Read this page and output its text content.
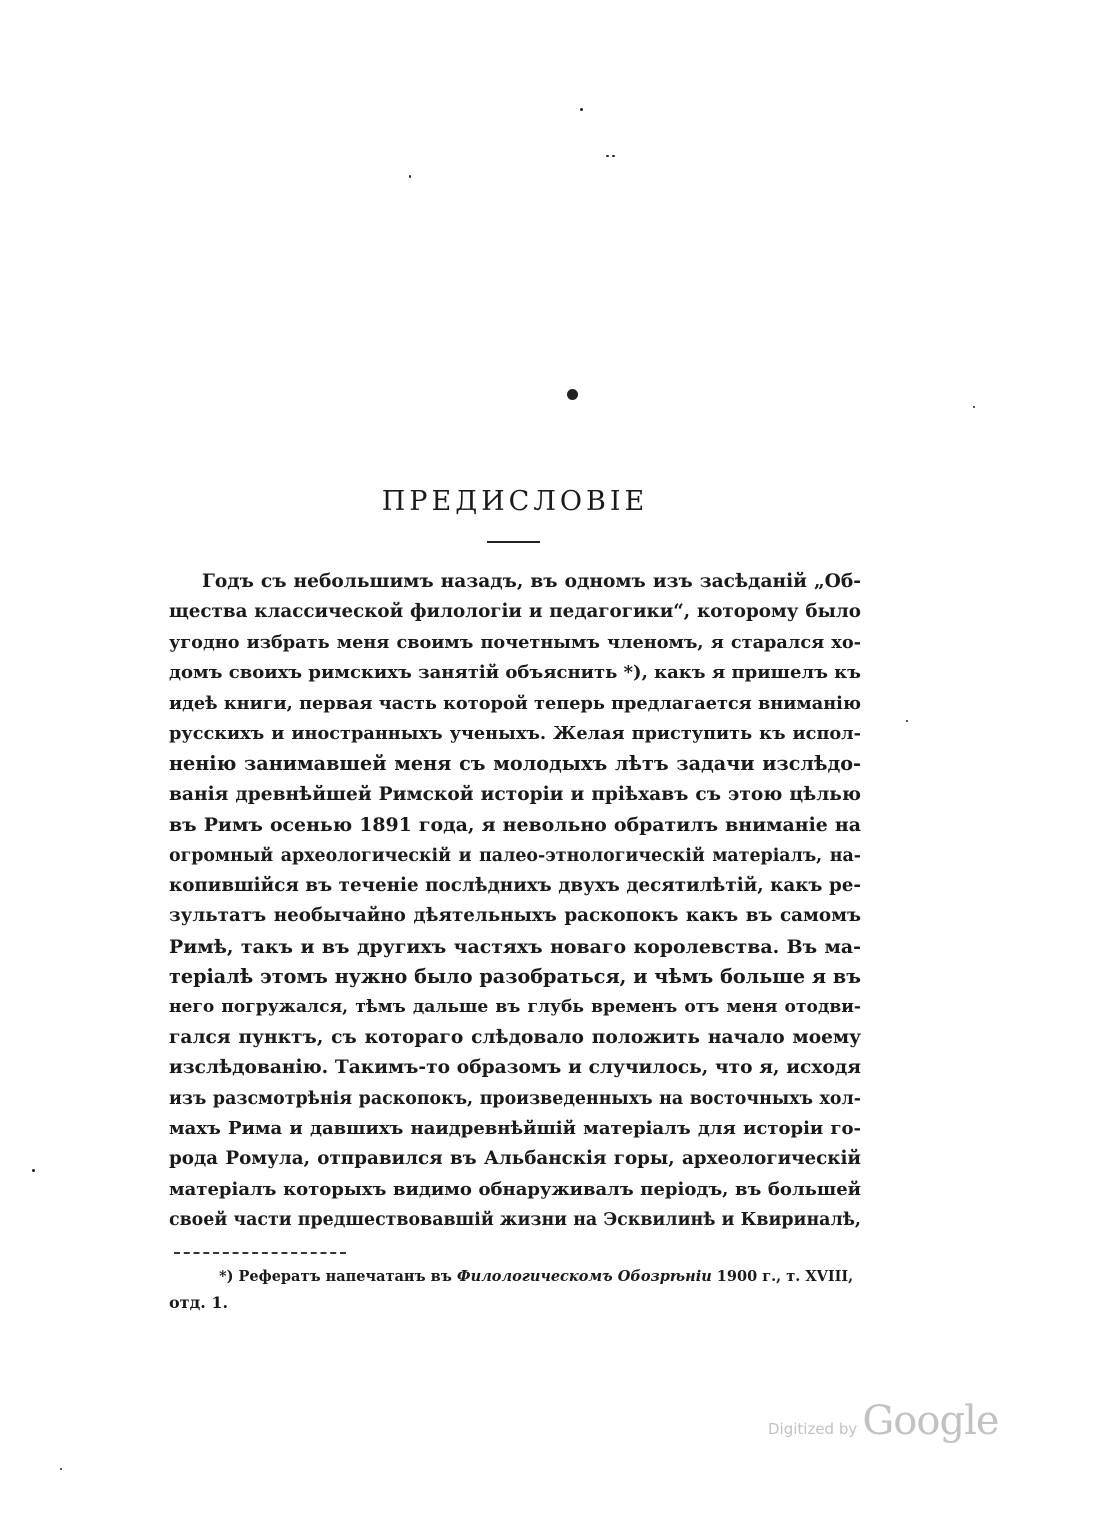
ПРЕДИСЛОВІЕ
Годъ съ небольшимъ назадъ, въ одномъ изъ засѣданій „Об-
щества классической филологіи и педагогики“, которому было
угодно избрать меня своимъ почетнымъ членомъ, я старался хо-
домъ своихъ римскихъ занятій объяснить *), какъ я пришелъ къ
идеѣ книги, первая часть которой теперь предлагается вниманію
русскихъ и иностранныхъ ученыхъ. Желая приступить къ испол-
ненію занимавшей меня съ молодыхъ лѣтъ задачи изслѣдо-
ванія древнѣйшей Римской исторіи и пріѣхавъ съ этою цѣлью
въ Римъ осенью 1891 года, я невольно обратилъ вниманіе на
огромный археологическій и палео-этнологическій матеріалъ, на-
копившійся въ теченіе послѣднихъ двухъ десятилѣтій, какъ ре-
зультатъ необычайно дѣятельныхъ раскопокъ какъ въ самомъ
Римѣ, такъ и въ другихъ частяхъ новаго королевства. Въ ма-
теріалѣ этомъ нужно было разобраться, и чѣмъ больше я въ
него погружался, тѣмъ дальше въ глубь временъ отъ меня отодви-
гался пунктъ, съ котораго слѣдовало положить начало моему
изслѣдованію. Такимъ-то образомъ и случилось, что я, исходя
изъ разсмотрѣнія раскопокъ, произведенныхъ на восточныхъ хол-
махъ Рима и давшихъ наидревнѣйшій матеріалъ для исторіи го-
рода Ромула, отправился въ Альбанскія горы, археологическій
матеріалъ которыхъ видимо обнаруживалъ періодъ, въ большей
своей части предшествовавшій жизни на Эсквилинѣ и Квириналѣ,
*) Рефератъ напечатанъ въ Филологическомъ Обозрѣніи 1900 г., т. XVIII,
отд. 1.
Digitized by Google
